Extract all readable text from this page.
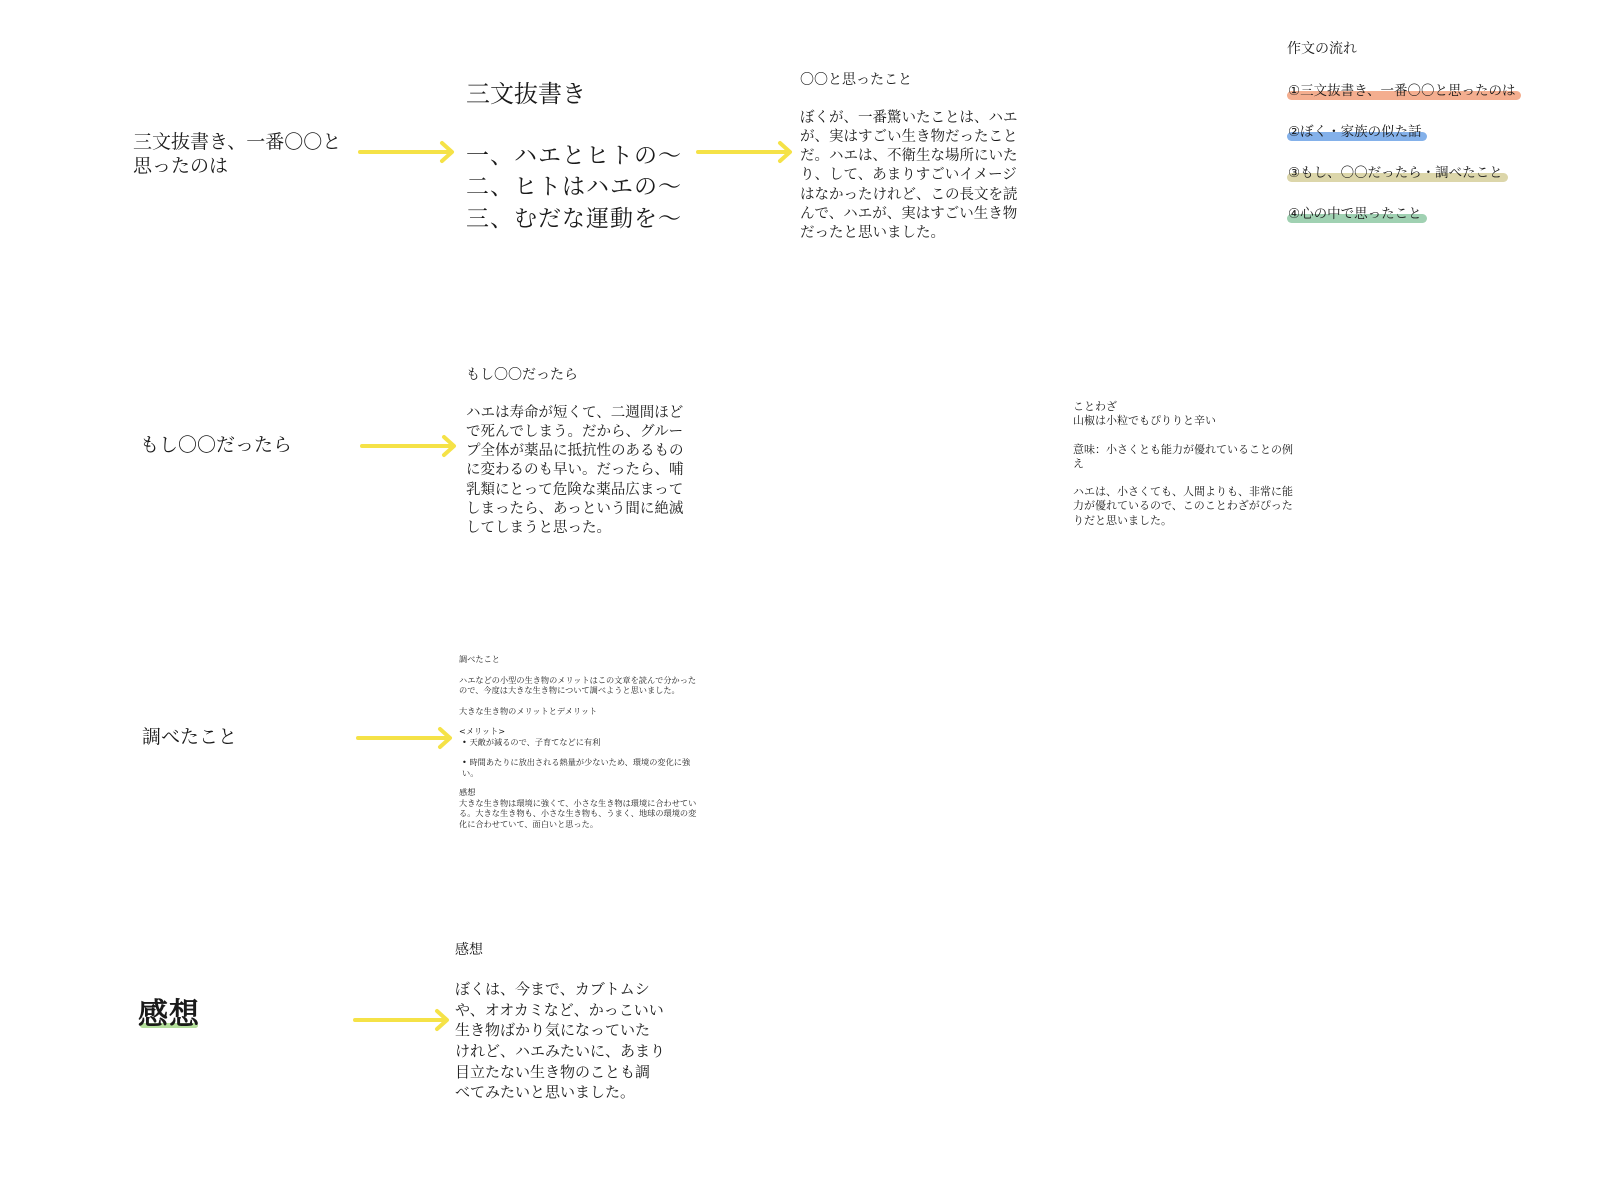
三文抜書き、一番〇〇と
思ったのは
三文抜書き
一、ハエとヒトの〜
二、ヒトはハエの〜
三、むだな運動を〜
〇〇と思ったこと
ぼくが、一番驚いたことは、ハエ
が、実はすごい生き物だったこと
だ。ハエは、不衛生な場所にいた
り、して、あまりすごいイメージ
はなかったけれど、この長文を読
んで、ハエが、実はすごい生き物
だったと思いました。
作文の流れ
①三文抜書き、一番〇〇と思ったのは
②ぼく・家族の似た話
③もし、〇〇だったら・調べたこと
④心の中で思ったこと
もし〇〇だったら
もし〇〇だったら
ハエは寿命が短くて、二週間ほど
で死んでしまう。だから、グルー
プ全体が薬品に抵抗性のあるもの
に変わるのも早い。だったら、哺
乳類にとって危険な薬品広まって
しまったら、あっという間に絶滅
してしまうと思った。
ことわざ
山椒は小粒でもぴりりと辛い
意味：小さくとも能力が優れていることの例
え
ハエは、小さくても、人間よりも、非常に能
力が優れているので、このことわざがぴった
りだと思いました。
調べたこと
調べたこと
ハエなどの小型の生き物のメリットはこの文章を読んで分かった
ので、今度は大きな生き物について調べようと思いました。
大きな生き物のメリットとデメリット
<メリット>
• 天敵が減るので、子育てなどに有利
• 時間あたりに放出される熱量が少ないため、環境の変化に強
い。
感想
大きな生き物は環境に強くて、小さな生き物は環境に合わせてい
る。大きな生き物も、小さな生き物も、うまく、地球の環境の変
化に合わせていて、面白いと思った。
感想
感想
ぼくは、今まで、カブトムシ
や、オオカミなど、かっこいい
生き物ばかり気になっていた
けれど、ハエみたいに、あまり
目立たない生き物のことも調
べてみたいと思いました。
